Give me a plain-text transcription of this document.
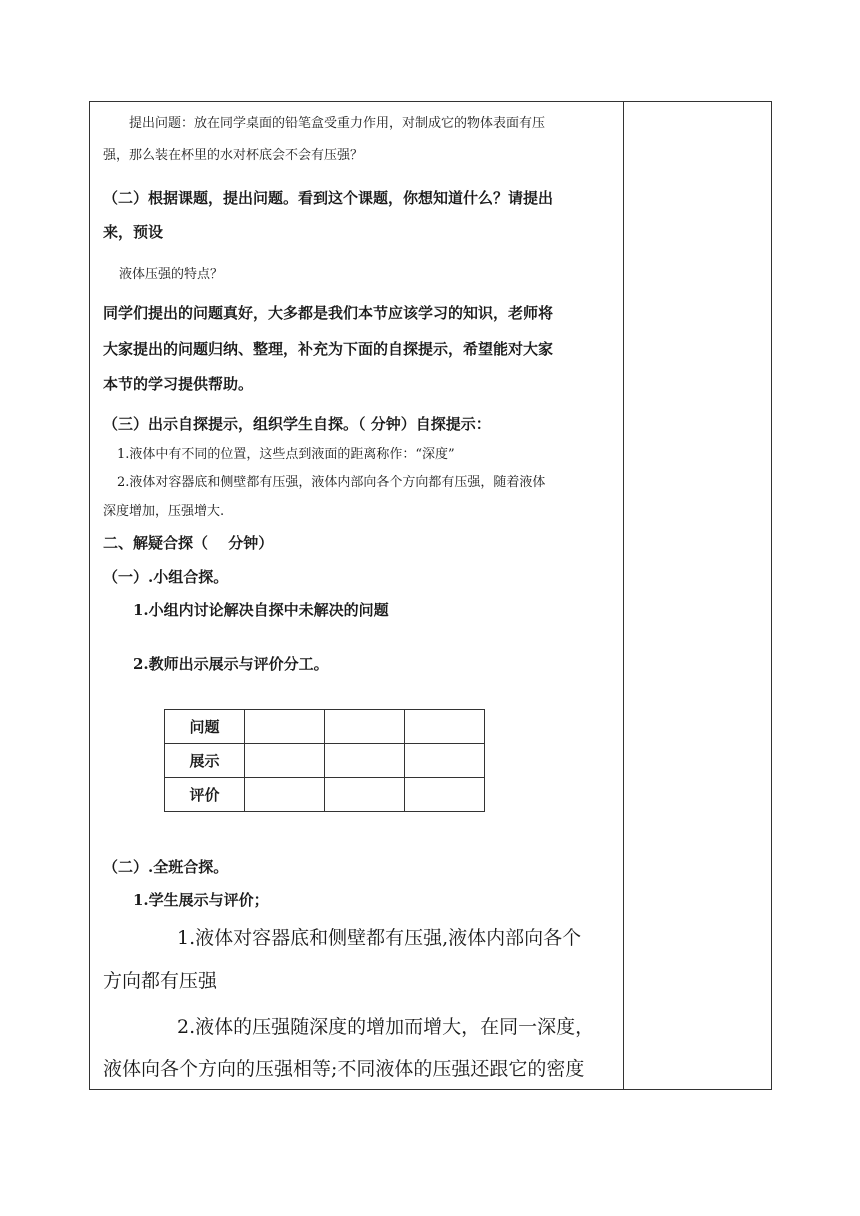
提出问题：放在同学桌面的铅笔盒受重力作用，对制成它的物体表面有压
强，那么装在杯里的水对杯底会不会有压强？
（二）根据课题，提出问题。看到这个课题，你想知道什么？请提出
来，预设
液体压强的特点？
同学们提出的问题真好，大多都是我们本节应该学习的知识，老师将
大家提出的问题归纳、整理，补充为下面的自探提示，希望能对大家
本节的学习提供帮助。
（三）出示自探提示，组织学生自探。（ 分钟）自探提示：
1.液体中有不同的位置，这些点到液面的距离称作：“深度”
2.液体对容器底和侧壁都有压强，液体内部向各个方向都有压强，随着液体
深度增加，压强增大.
二、解疑合探（　 分钟）
（一）.小组合探。
1.小组内讨论解决自探中未解决的问题
2.教师出示展示与评价分工。
问题			
展示			
评价			
（二）.全班合探。
1.学生展示与评价；
1.液体对容器底和侧壁都有压强,液体内部向各个
方向都有压强
2.液体的压强随深度的增加而增大，在同一深度，
液体向各个方向的压强相等;不同液体的压强还跟它的密度
